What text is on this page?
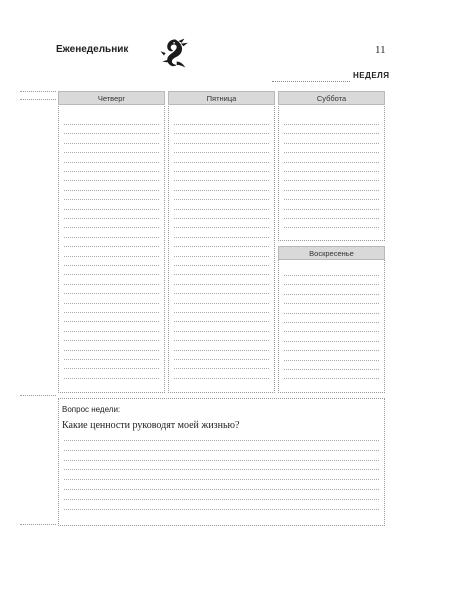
Еженедельник	11
НЕДЕЛЯ
Четверг	Пятница	Суббота
Воскресенье
Вопрос недели:
Какие ценности руководят моей жизнью?
